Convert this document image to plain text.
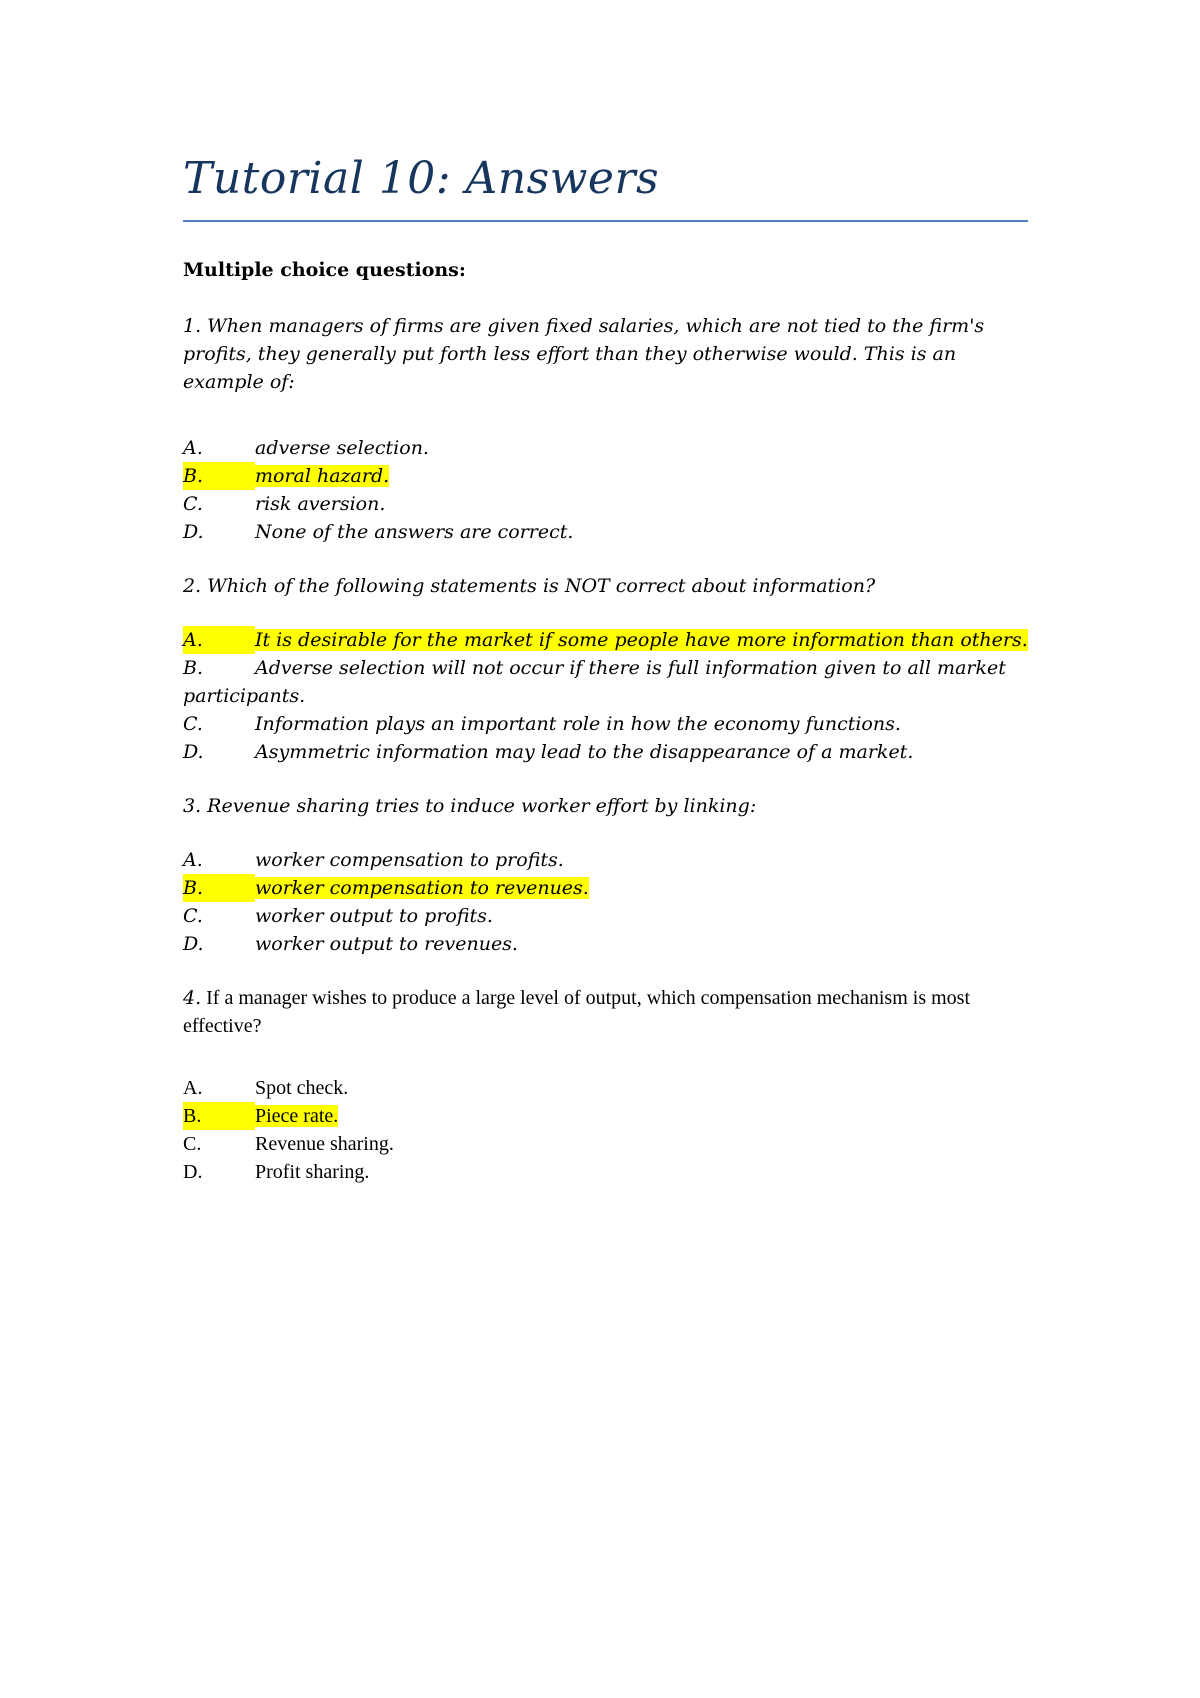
Tutorial 10: Answers
Multiple choice questions:
1. When managers of firms are given fixed salaries, which are not tied to the firm's profits, they generally put forth less effort than they otherwise would. This is an example of:
A.	adverse selection.
B.	moral hazard.
C.	risk aversion.
D.	None of the answers are correct.
2. Which of the following statements is NOT correct about information?
A.	It is desirable for the market if some people have more information than others.
B.	Adverse selection will not occur if there is full information given to all market participants.
C.	Information plays an important role in how the economy functions.
D.	Asymmetric information may lead to the disappearance of a market.
3. Revenue sharing tries to induce worker effort by linking:
A.	worker compensation to profits.
B.	worker compensation to revenues.
C.	worker output to profits.
D.	worker output to revenues.
4. If a manager wishes to produce a large level of output, which compensation mechanism is most effective?
A.	Spot check.
B.	Piece rate.
C.	Revenue sharing.
D.	Profit sharing.
